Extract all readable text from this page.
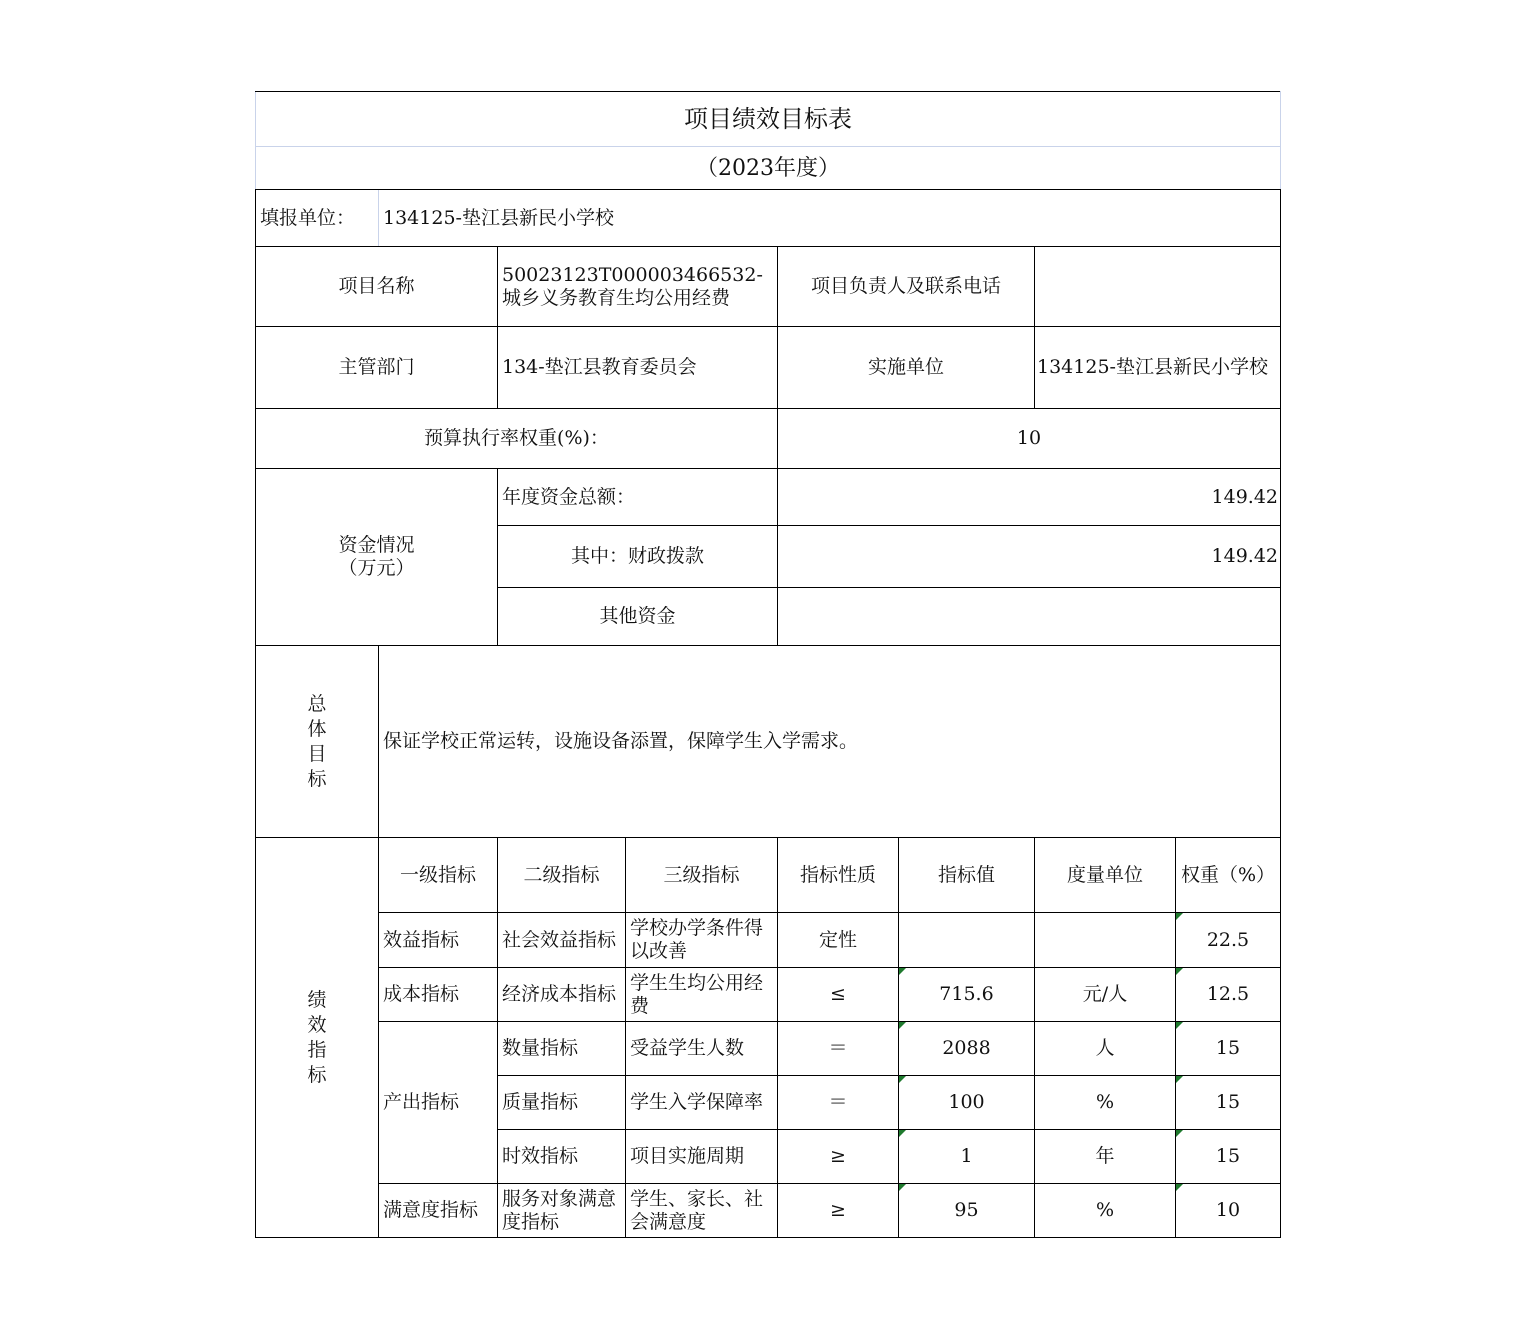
项目绩效目标表							
（2023年度）							
填报单位：	134125-垫江县新民小学校						
项目名称		50023123T000003466532-城乡义务教育生均公用经费		项目负责人及联系电话			
主管部门		134-垫江县教育委员会		实施单位		134125-垫江县新民小学校	
预算执行率权重(%)：				10			

资金情况
（万元）		年度资金总额：		149.42			
		其中：财政拨款		149.42			
		其他资金					

总
体
目
标	保证学校正常运转，设施设备添置，保障学生入学需求。						

绩
效
指
标	一级指标	二级指标	三级指标	指标性质	指标值	度量单位	权重（%）
	效益指标	社会效益指标	学校办学条件得以改善	定性			22.5
	成本指标	经济成本指标	学生生均公用经费	≤	715.6	元/人	12.5
	产出指标	数量指标	受益学生人数	＝	2088	人	15
		质量指标	学生入学保障率	＝	100	%	15
		时效指标	项目实施周期	≥	1	年	15
	满意度指标	服务对象满意度指标	学生、家长、社会满意度	≥	95	%	10
